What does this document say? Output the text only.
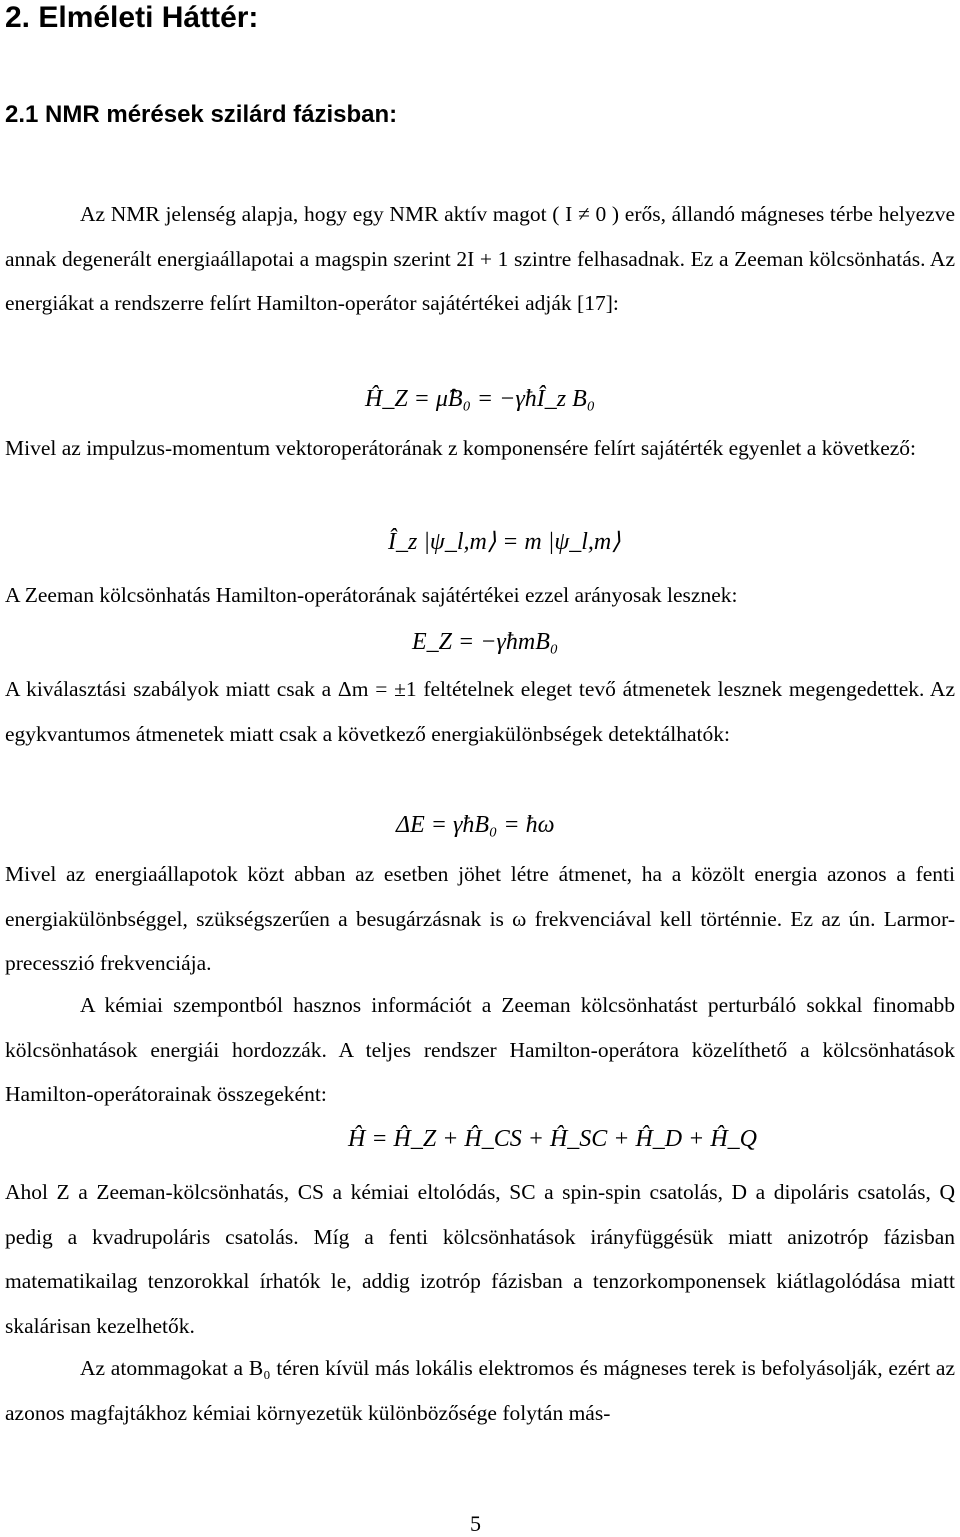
2. Elméleti Háttér:
2.1 NMR mérések szilárd fázisban:

Az NMR jelenség alapja, hogy egy NMR aktív magot ( I ≠ 0 ) erős, állandó mágneses térbe helyezve annak degenerált energiaállapotai a magspin szerint 2I + 1 szintre felhasadnak. Ez a Zeeman kölcsönhatás. Az energiákat a rendszerre felírt Hamilton-operátor sajátértékei adják [17]:

Ĥ_Z = μ̂B₀ = −γħÎ_z B₀

Mivel az impulzus-momentum vektoroperátorának z komponensére felírt sajátérték egyenlet a következő:

Î_z |ψ_l,m⟩ = m |ψ_l,m⟩

A Zeeman kölcsönhatás Hamilton-operátorának sajátértékei ezzel arányosak lesznek:

E_Z = −γħmB₀

A kiválasztási szabályok miatt csak a Δm = ±1 feltételnek eleget tevő átmenetek lesznek megengedettek. Az egykvantumos átmenetek miatt csak a következő energiakülönbségek detektálhatók:

ΔE = γħB₀ = ħω

Mivel az energiaállapotok közt abban az esetben jöhet létre átmenet, ha a közölt energia azonos a fenti energiakülönbséggel, szükségszerűen a besugárzásnak is ω frekvenciával kell történnie. Ez az ún. Larmor- precesszió frekvenciája.

A kémiai szempontból hasznos információt a Zeeman kölcsönhatást perturbáló sokkal finomabb kölcsönhatások energiái hordozzák. A teljes rendszer Hamilton-operátora közelíthető a kölcsönhatások Hamilton-operátorainak összegeként:

Ĥ = Ĥ_Z + Ĥ_CS + Ĥ_SC + Ĥ_D + Ĥ_Q

Ahol Z a Zeeman-kölcsönhatás, CS a kémiai eltolódás, SC a spin-spin csatolás, D a dipoláris csatolás, Q pedig a kvadrupoláris csatolás. Míg a fenti kölcsönhatások irányfüggésük miatt anizotróp fázisban matematikailag tenzorokkal írhatók le, addig izotróp fázisban a tenzorkomponensek kiátlagolódása miatt skalárisan kezelhetők.

Az atommagokat a B₀ téren kívül más lokális elektromos és mágneses terek is befolyásolják, ezért az azonos magfajtákhoz kémiai környezetük különbözősége folytán más-

5
